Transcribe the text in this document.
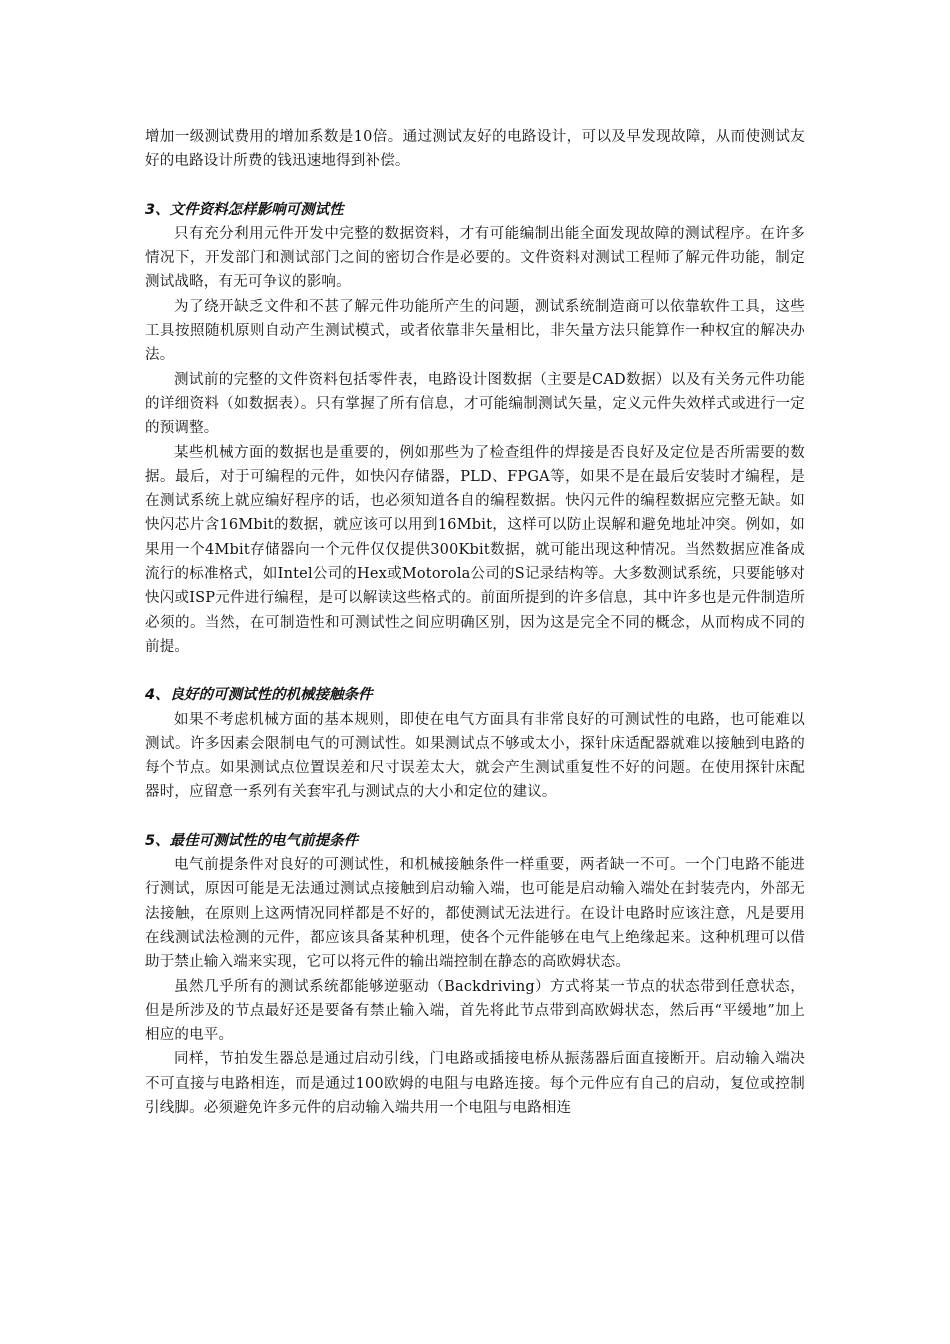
增加一级测试费用的增加系数是10倍。通过测试友好的电路设计，可以及早发现故障，从而使测试友好的电路设计所费的钱迅速地得到补偿。

3、文件资料怎样影响可测试性

只有充分利用元件开发中完整的数据资料，才有可能编制出能全面发现故障的测试程序。在许多情况下，开发部门和测试部门之间的密切合作是必要的。文件资料对测试工程师了解元件功能，制定测试战略，有无可争议的影响。

为了绕开缺乏文件和不甚了解元件功能所产生的问题，测试系统制造商可以依靠软件工具，这些工具按照随机原则自动产生测试模式，或者依靠非矢量相比，非矢量方法只能算作一种权宜的解决办法。

测试前的完整的文件资料包括零件表，电路设计图数据（主要是CAD数据）以及有关务元件功能的详细资料（如数据表）。只有掌握了所有信息，才可能编制测试矢量，定义元件失效样式或进行一定的预调整。

某些机械方面的数据也是重要的，例如那些为了检查组件的焊接是否良好及定位是否所需要的数据。最后，对于可编程的元件，如快闪存储器，PLD、FPGA等，如果不是在最后安装时才编程，是在测试系统上就应编好程序的话，也必须知道各自的编程数据。快闪元件的编程数据应完整无缺。如快闪芯片含16Mbit的数据，就应该可以用到16Mbit，这样可以防止误解和避免地址冲突。例如，如果用一个4Mbit存储器向一个元件仅仅提供300Kbit数据，就可能出现这种情况。当然数据应准备成流行的标准格式，如Intel公司的Hex或Motorola公司的S记录结构等。大多数测试系统，只要能够对快闪或ISP元件进行编程，是可以解读这些格式的。前面所提到的许多信息，其中许多也是元件制造所必须的。当然，在可制造性和可测试性之间应明确区别，因为这是完全不同的概念，从而构成不同的前提。

4、良好的可测试性的机械接触条件

如果不考虑机械方面的基本规则，即使在电气方面具有非常良好的可测试性的电路，也可能难以测试。许多因素会限制电气的可测试性。如果测试点不够或太小，探针床适配器就难以接触到电路的每个节点。如果测试点位置误差和尺寸误差太大，就会产生测试重复性不好的问题。在使用探针床配器时，应留意一系列有关套牢孔与测试点的大小和定位的建议。

5、最佳可测试性的电气前提条件

电气前提条件对良好的可测试性，和机械接触条件一样重要，两者缺一不可。一个门电路不能进行测试，原因可能是无法通过测试点接触到启动输入端，也可能是启动输入端处在封装壳内，外部无法接触，在原则上这两情况同样都是不好的，都使测试无法进行。在设计电路时应该注意，凡是要用在线测试法检测的元件，都应该具备某种机理，使各个元件能够在电气上绝缘起来。这种机理可以借助于禁止输入端来实现，它可以将元件的输出端控制在静态的高欧姆状态。

虽然几乎所有的测试系统都能够逆驱动（Backdriving）方式将某一节点的状态带到任意状态，但是所涉及的节点最好还是要备有禁止输入端，首先将此节点带到高欧姆状态，然后再“平缓地”加上相应的电平。

同样，节拍发生器总是通过启动引线，门电路或插接电桥从振荡器后面直接断开。启动输入端决不可直接与电路相连，而是通过100欧姆的电阻与电路连接。每个元件应有自己的启动，复位或控制引线脚。必须避免许多元件的启动输入端共用一个电阻与电路相连
